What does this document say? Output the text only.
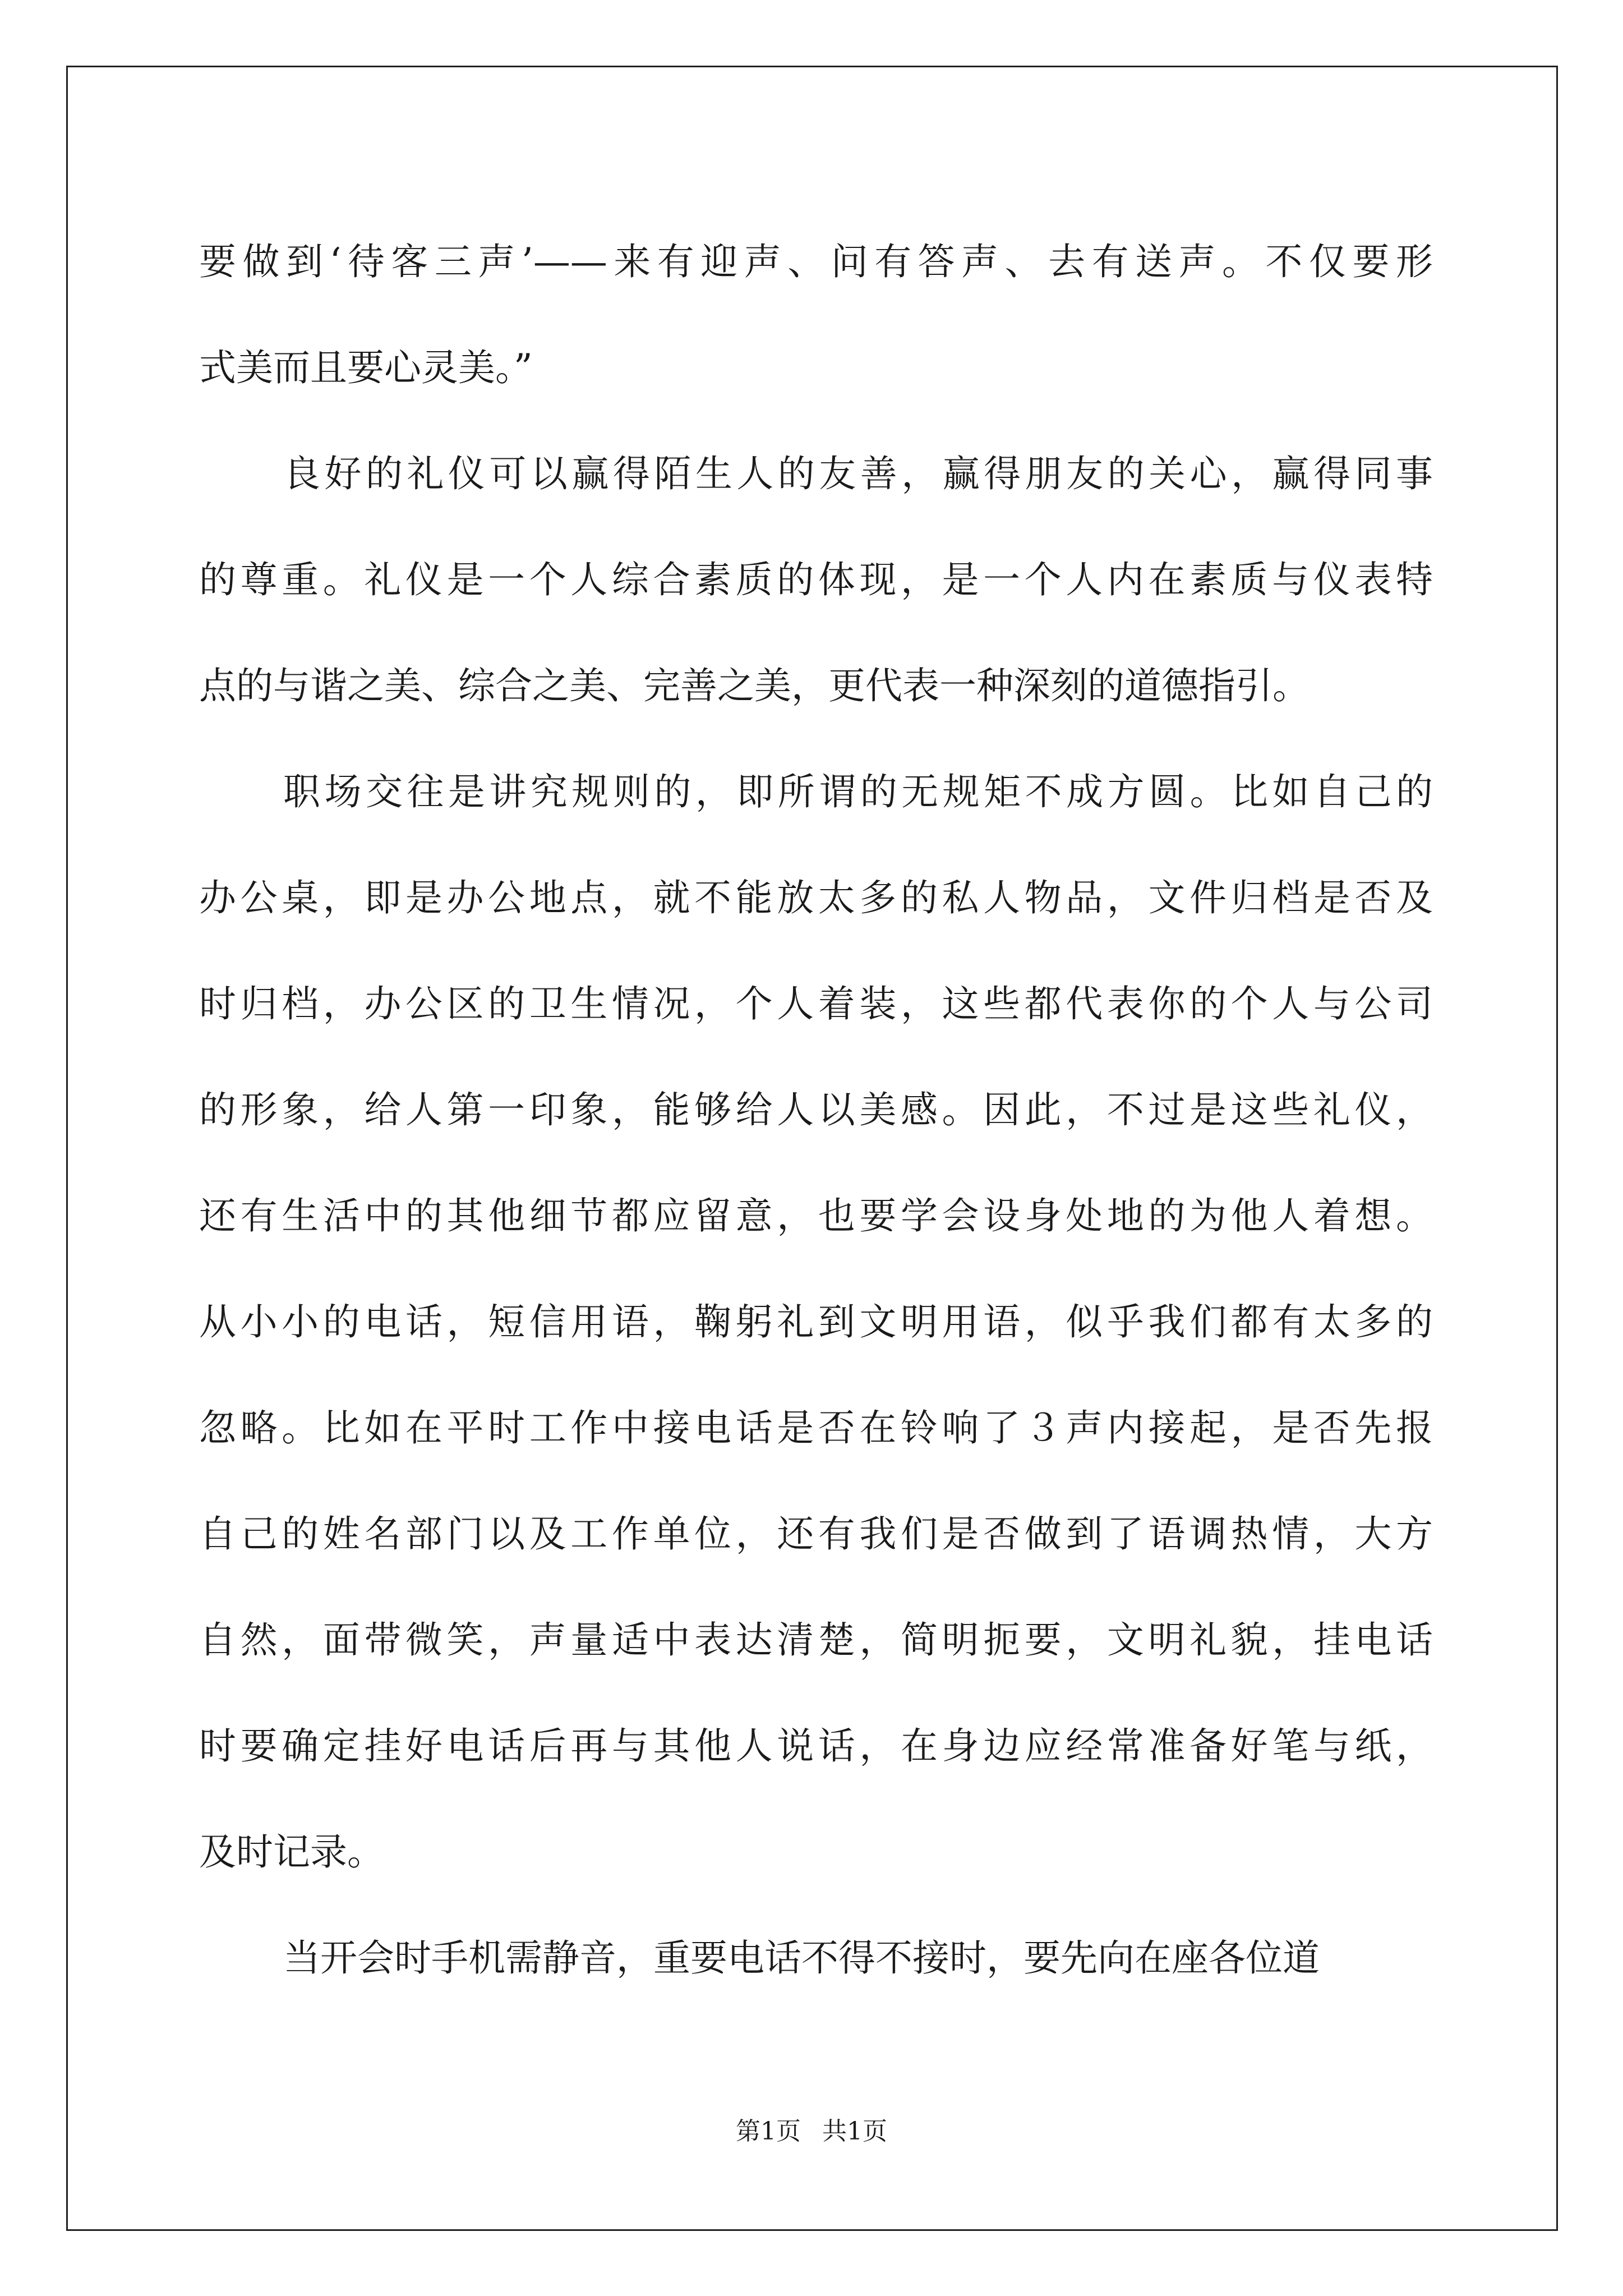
要做到‘待客三声’——来有迎声、问有答声、去有送声。不仅要形
式美而且要心灵美。”
良好的礼仪可以赢得陌生人的友善，赢得朋友的关心，赢得同事
的尊重。礼仪是一个人综合素质的体现，是一个人内在素质与仪表特
点的与谐之美、综合之美、完善之美，更代表一种深刻的道德指引。
职场交往是讲究规则的，即所谓的无规矩不成方圆。比如自己的
办公桌，即是办公地点，就不能放太多的私人物品，文件归档是否及
时归档，办公区的卫生情况，个人着装，这些都代表你的个人与公司
的形象，给人第一印象，能够给人以美感。因此，不过是这些礼仪，
还有生活中的其他细节都应留意，也要学会设身处地的为他人着想。
从小小的电话，短信用语，鞠躬礼到文明用语，似乎我们都有太多的
忽略。比如在平时工作中接电话是否在铃响了３声内接起，是否先报
自己的姓名部门以及工作单位，还有我们是否做到了语调热情，大方
自然，面带微笑，声量适中表达清楚，简明扼要，文明礼貌，挂电话
时要确定挂好电话后再与其他人说话，在身边应经常准备好笔与纸，
及时记录。
当开会时手机需静音，重要电话不得不接时，要先向在座各位道
第1页 共1页
